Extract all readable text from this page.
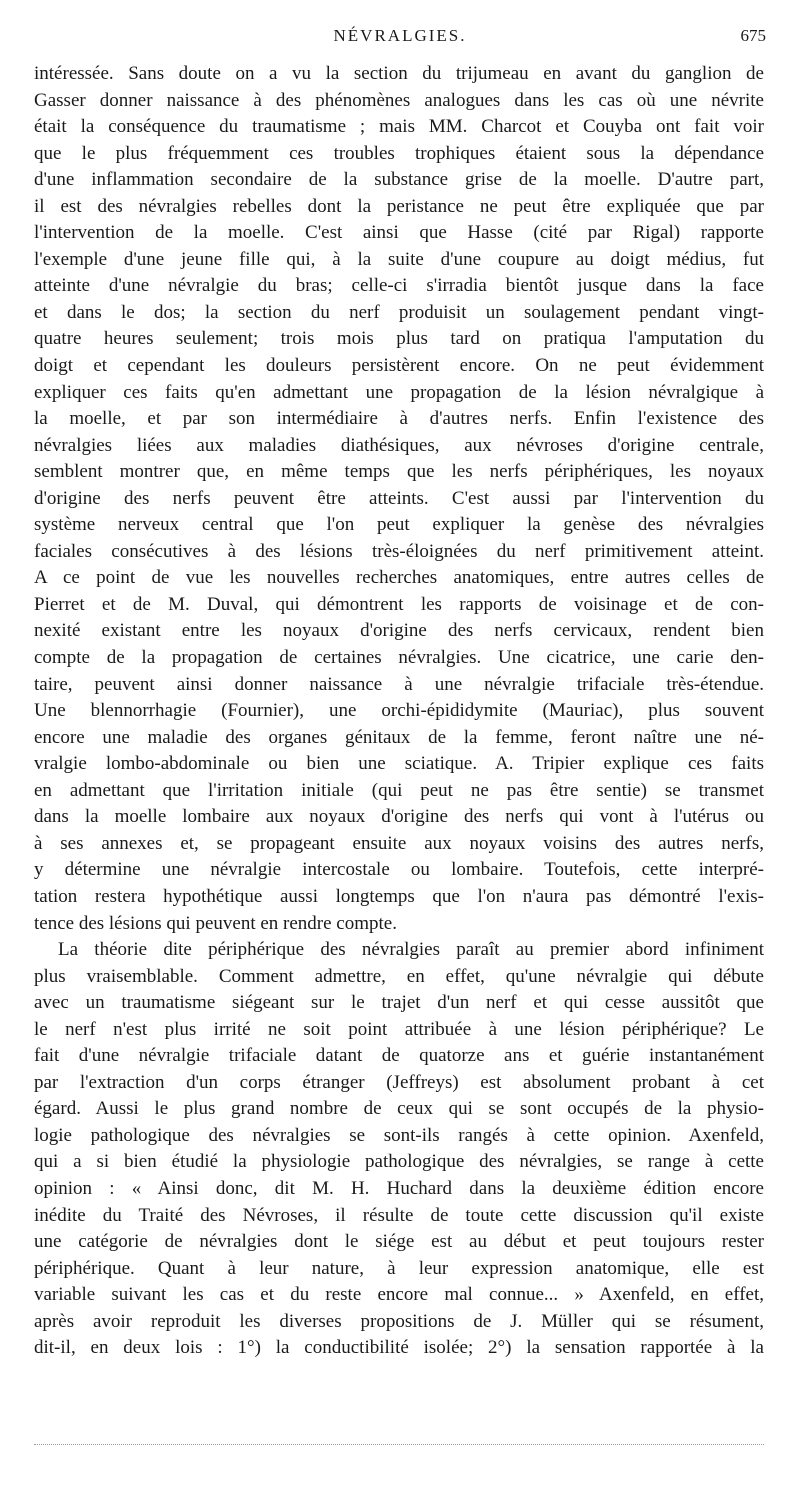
NÉVRALGIES.	675
intéressée. Sans doute on a vu la section du trijumeau en avant du ganglion de
Gasser donner naissance à des phénomènes analogues dans les cas où une névrite
était la conséquence du traumatisme ; mais MM. Charcot et Couyba ont fait voir
que le plus fréquemment ces troubles trophiques étaient sous la dépendance
d'une inflammation secondaire de la substance grise de la moelle. D'autre part,
il est des névralgies rebelles dont la peristance ne peut être expliquée que par
l'intervention de la moelle. C'est ainsi que Hasse (cité par Rigal) rapporte
l'exemple d'une jeune fille qui, à la suite d'une coupure au doigt médius, fut
atteinte d'une névralgie du bras; celle-ci s'irradia bientôt jusque dans la face
et dans le dos; la section du nerf produisit un soulagement pendant vingt-
quatre heures seulement; trois mois plus tard on pratiqua l'amputation du
doigt et cependant les douleurs persistèrent encore. On ne peut évidemment
expliquer ces faits qu'en admettant une propagation de la lésion névralgique à
la moelle, et par son intermédiaire à d'autres nerfs. Enfin l'existence des
névralgies liées aux maladies diathésiques, aux névroses d'origine centrale,
semblent montrer que, en même temps que les nerfs périphériques, les noyaux
d'origine des nerfs peuvent être atteints. C'est aussi par l'intervention du
système nerveux central que l'on peut expliquer la genèse des névralgies
faciales consécutives à des lésions très-éloignées du nerf primitivement atteint.
A ce point de vue les nouvelles recherches anatomiques, entre autres celles de
Pierret et de M. Duval, qui démontrent les rapports de voisinage et de con-
nexité existant entre les noyaux d'origine des nerfs cervicaux, rendent bien
compte de la propagation de certaines névralgies. Une cicatrice, une carie den-
taire, peuvent ainsi donner naissance à une névralgie trifaciale très-étendue.
Une blennorrhagie (Fournier), une orchi-épididymite (Mauriac), plus souvent
encore une maladie des organes génitaux de la femme, feront naître une né-
vralgie lombo-abdominale ou bien une sciatique. A. Tripier explique ces faits
en admettant que l'irritation initiale (qui peut ne pas être sentie) se transmet
dans la moelle lombaire aux noyaux d'origine des nerfs qui vont à l'utérus ou
à ses annexes et, se propageant ensuite aux noyaux voisins des autres nerfs,
y détermine une névralgie intercostale ou lombaire. Toutefois, cette interpré-
tation restera hypothétique aussi longtemps que l'on n'aura pas démontré l'exis-
tence des lésions qui peuvent en rendre compte.
La théorie dite périphérique des névralgies paraît au premier abord infiniment
plus vraisemblable. Comment admettre, en effet, qu'une névralgie qui débute
avec un traumatisme siégeant sur le trajet d'un nerf et qui cesse aussitôt que
le nerf n'est plus irrité ne soit point attribuée à une lésion périphérique? Le
fait d'une névralgie trifaciale datant de quatorze ans et guérie instantanément
par l'extraction d'un corps étranger (Jeffreys) est absolument probant à cet
égard. Aussi le plus grand nombre de ceux qui se sont occupés de la physio-
logie pathologique des névralgies se sont-ils rangés à cette opinion. Axenfeld,
qui a si bien étudié la physiologie pathologique des névralgies, se range à cette
opinion : « Ainsi donc, dit M. H. Huchard dans la deuxième édition encore
inédite du Traité des Névroses, il résulte de toute cette discussion qu'il existe
une catégorie de névralgies dont le siége est au début et peut toujours rester
périphérique. Quant à leur nature, à leur expression anatomique, elle est
variable suivant les cas et du reste encore mal connue... » Axenfeld, en effet,
après avoir reproduit les diverses propositions de J. Müller qui se résument,
dit-il, en deux lois : 1°) la conductibilité isolée; 2°) la sensation rapportée à la
